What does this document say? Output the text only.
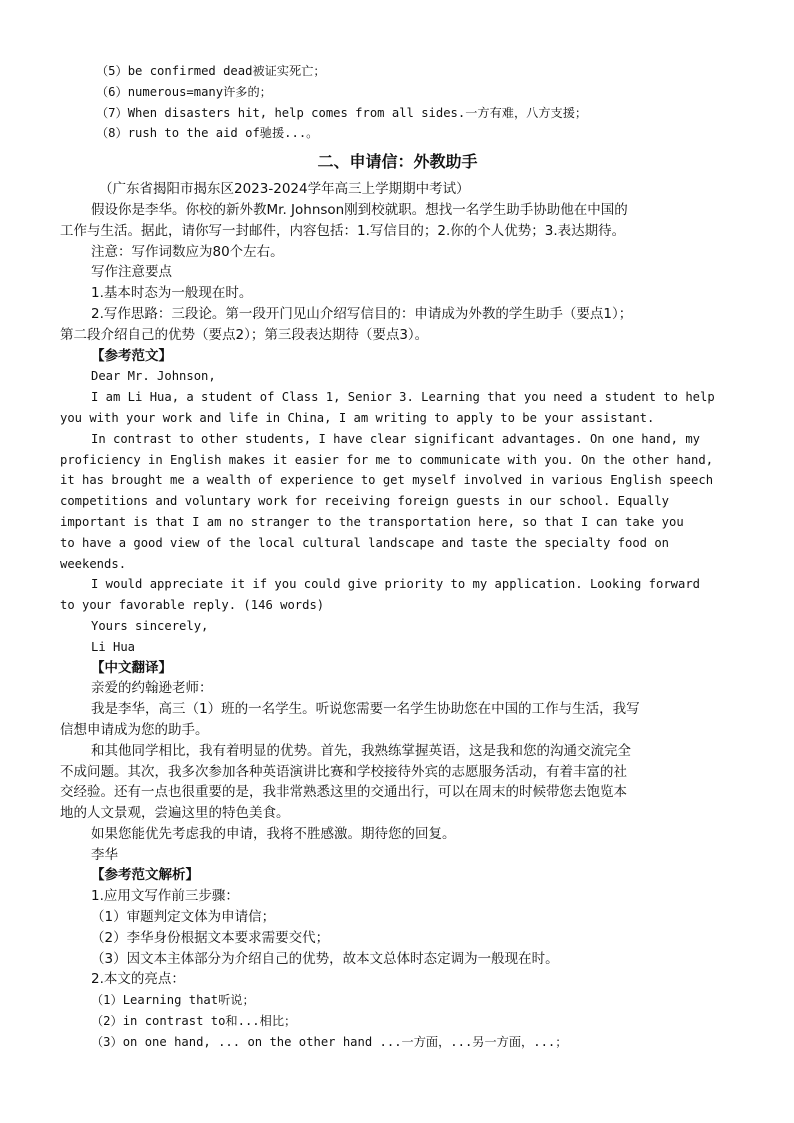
（5）be confirmed dead被证实死亡；
（6）numerous=many许多的；
（7）When disasters hit, help comes from all sides.一方有难，八方支援；
（8）rush to the aid of驰援...。
二、申请信：外教助手
（广东省揭阳市揭东区2023-2024学年高三上学期期中考试）
假设你是李华。你校的新外教Mr. Johnson刚到校就职。想找一名学生助手协助他在中国的
工作与生活。据此，请你写一封邮件，内容包括：1.写信目的；2.你的个人优势；3.表达期待。
注意：写作词数应为80个左右。
写作注意要点
1.基本时态为一般现在时。
2.写作思路：三段论。第一段开门见山介绍写信目的：申请成为外教的学生助手（要点1）；
第二段介绍自己的优势（要点2）；第三段表达期待（要点3）。
【参考范文】
Dear Mr. Johnson,
I am Li Hua, a student of Class 1, Senior 3. Learning that you need a student to help
you with your work and life in China, I am writing to apply to be your assistant.
In contrast to other students, I have clear significant advantages. On one hand, my
proficiency in English makes it easier for me to communicate with you. On the other hand,
it has brought me a wealth of experience to get myself involved in various English speech
competitions and voluntary work for receiving foreign guests in our school. Equally
important is that I am no stranger to the transportation here, so that I can take you
to have a good view of the local cultural landscape and taste the specialty food on
weekends.
I would appreciate it if you could give priority to my application. Looking forward
to your favorable reply. (146 words)
Yours sincerely,
Li Hua
【中文翻译】
亲爱的约翰逊老师：
我是李华，高三（1）班的一名学生。听说您需要一名学生协助您在中国的工作与生活，我写
信想申请成为您的助手。
和其他同学相比，我有着明显的优势。首先，我熟练掌握英语，这是我和您的沟通交流完全
不成问题。其次，我多次参加各种英语演讲比赛和学校接待外宾的志愿服务活动，有着丰富的社
交经验。还有一点也很重要的是，我非常熟悉这里的交通出行，可以在周末的时候带您去饱览本
地的人文景观，尝遍这里的特色美食。
如果您能优先考虑我的申请，我将不胜感激。期待您的回复。
李华
【参考范文解析】
1.应用文写作前三步骤：
（1）审题判定文体为申请信；
（2）李华身份根据文本要求需要交代；
（3）因文本主体部分为介绍自己的优势，故本文总体时态定调为一般现在时。
2.本文的亮点：
（1）Learning that听说；
（2）in contrast to和...相比；
（3）on one hand, ... on the other hand ...一方面，...另一方面，...；
